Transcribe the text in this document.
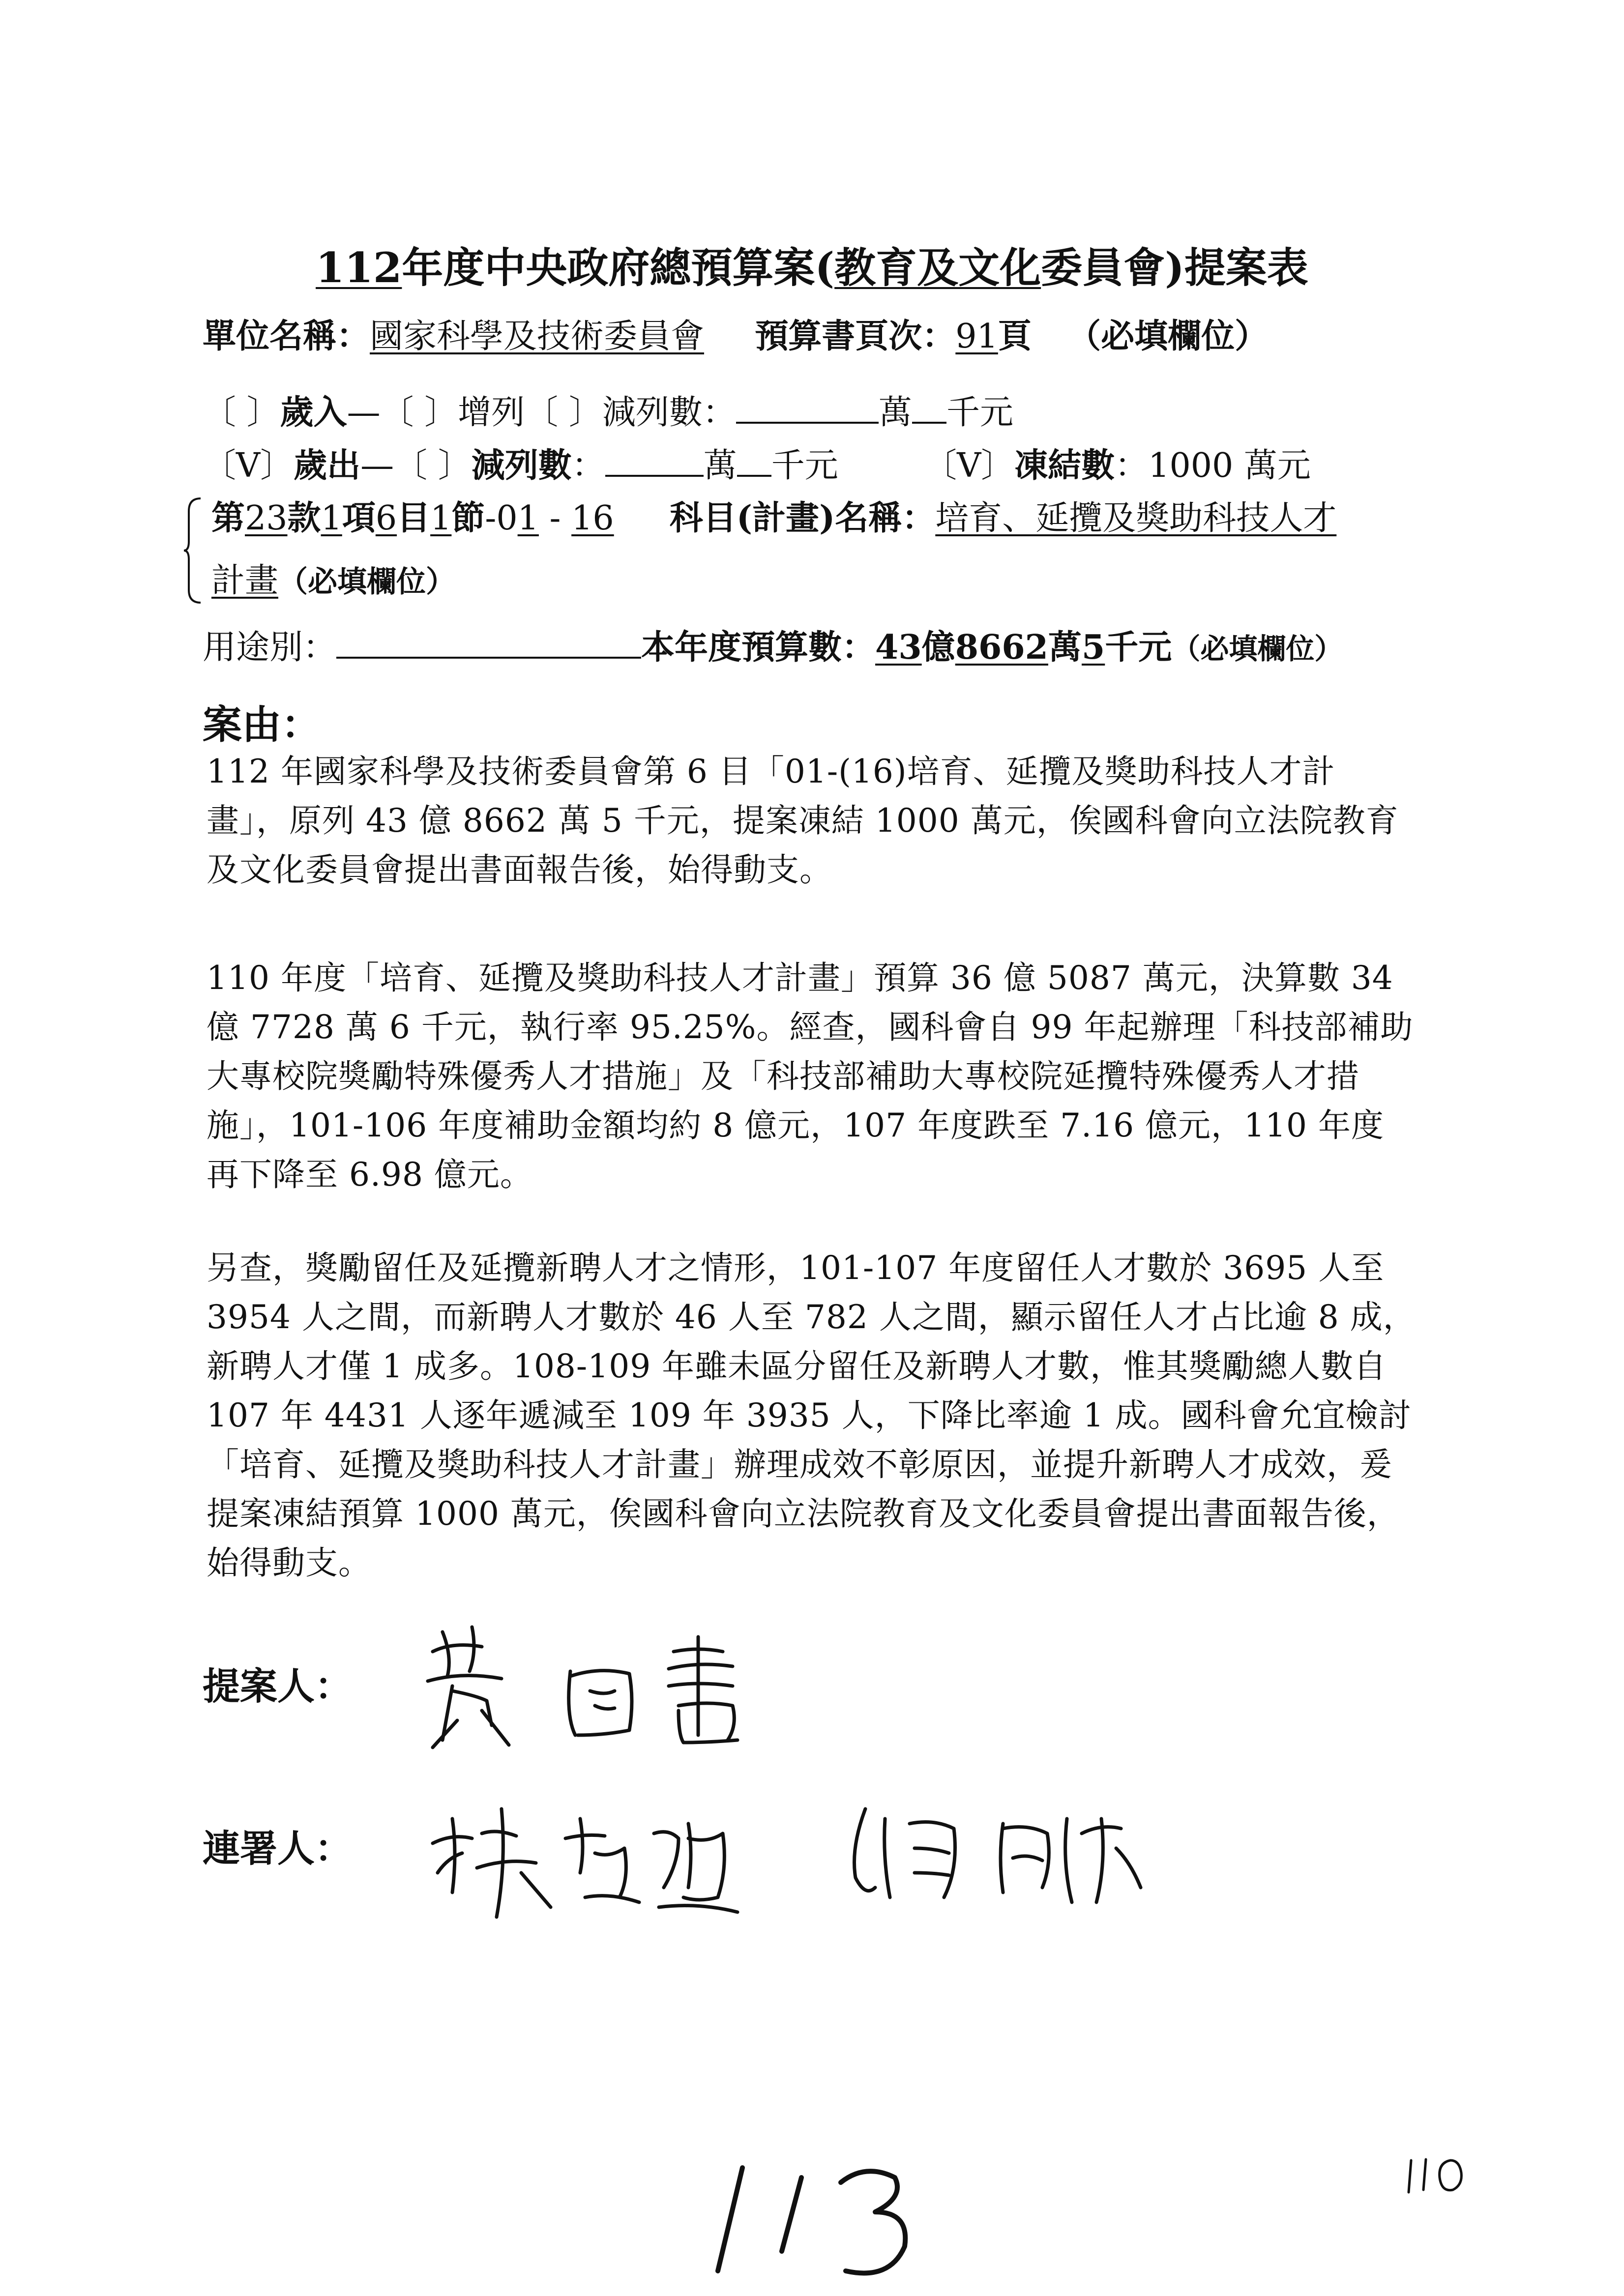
112年度中央政府總預算案(教育及文化委員會)提案表
單位名稱：國家科學及技術委員會 預算書頁次：91頁 （必填欄位）
〔 〕歲入—〔 〕增列〔 〕減列數：	萬 千元
〔V〕歲出—〔 〕減列數：	萬 千元	〔V〕凍結數：1000 萬元
第23款1項6目1節-01 - 16 科目(計畫)名稱：培育、延攬及獎助科技人才
計畫（必填欄位）
用途別：	本年度預算數：43億8662萬5千元（必填欄位）
案由：
112 年國家科學及技術委員會第 6 目「01-(16)培育、延攬及獎助科技人才計畫」，原列 43 億 8662 萬 5 千元，提案凍結 1000 萬元，俟國科會向立法院教育及文化委員會提出書面報告後，始得動支。
110 年度「培育、延攬及獎助科技人才計畫」預算 36 億 5087 萬元，決算數 34 億 7728 萬 6 千元，執行率 95.25%。經查，國科會自 99 年起辦理「科技部補助大專校院獎勵特殊優秀人才措施」及「科技部補助大專校院延攬特殊優秀人才措施」，101-106 年度補助金額均約 8 億元，107 年度跌至 7.16 億元，110 年度再下降至 6.98 億元。
另查，獎勵留任及延攬新聘人才之情形，101-107 年度留任人才數於 3695 人至 3954 人之間，而新聘人才數於 46 人至 782 人之間，顯示留任人才占比逾 8 成，新聘人才僅 1 成多。108-109 年雖未區分留任及新聘人才數，惟其獎勵總人數自 107 年 4431 人逐年遞減至 109 年 3935 人，下降比率逾 1 成。國科會允宜檢討「培育、延攬及獎助科技人才計畫」辦理成效不彰原因，並提升新聘人才成效，爰提案凍結預算 1000 萬元，俟國科會向立法院教育及文化委員會提出書面報告後，始得動支。
提案人：
連署人：
